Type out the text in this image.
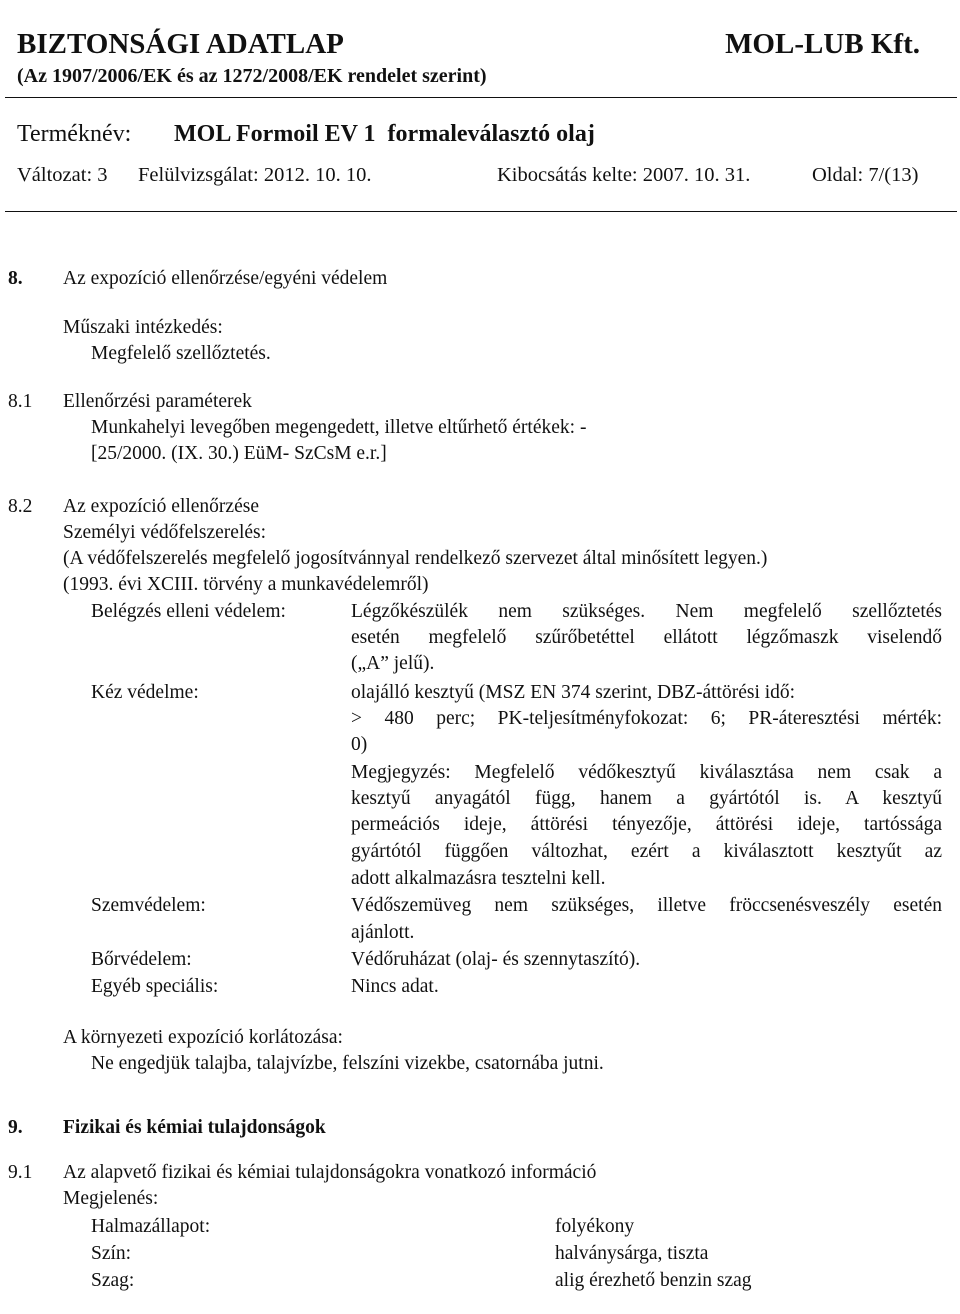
BIZTONSÁGI ADATLAP	MOL-LUB Kft.
(Az 1907/2006/EK és az 1272/2008/EK rendelet szerint)
Terméknév: MOL Formoil EV 1  formaleválasztó olaj
Változat: 3 Felülvizsgálat: 2012. 10. 10.	Kibocsátás kelte: 2007. 10. 31.	Oldal: 7/(13)
8. Az expozíció ellenőrzése/egyéni védelem
Műszaki intézkedés:
Megfelelő szellőztetés.
8.1 Ellenőrzési paraméterek
Munkahelyi levegőben megengedett, illetve eltűrhető értékek: -
[25/2000. (IX. 30.) EüM- SzCsM e.r.]
8.2 Az expozíció ellenőrzése
Személyi védőfelszerelés:
(A védőfelszerelés megfelelő jogosítvánnyal rendelkező szervezet által minősített legyen.)
(1993. évi XCIII. törvény a munkavédelemről)
Belégzés elleni védelem:	Légzőkészülék nem szükséges. Nem megfelelő szellőztetés
esetén megfelelő szűrőbetéttel ellátott légzőmaszk viselendő
(„A” jelű).
Kéz védelme:	olajálló kesztyű (MSZ EN 374 szerint, DBZ-áttörési idő:
> 480 perc; PK-teljesítményfokozat: 6; PR-áteresztési mérték:
0)
Megjegyzés: Megfelelő védőkesztyű kiválasztása nem csak a
kesztyű anyagától függ, hanem a gyártótól is. A kesztyű
permeációs ideje, áttörési tényezője, áttörési ideje, tartóssága
gyártótól függően változhat, ezért a kiválasztott kesztyűt az
adott alkalmazásra tesztelni kell.
Szemvédelem:	Védőszemüveg nem szükséges, illetve fröccsenésveszély esetén
ajánlott.
Bőrvédelem:	Védőruházat (olaj- és szennytaszító).
Egyéb speciális:	Nincs adat.
A környezeti expozíció korlátozása:
Ne engedjük talajba, talajvízbe, felszíni vizekbe, csatornába jutni.
9. Fizikai és kémiai tulajdonságok
9.1 Az alapvető fizikai és kémiai tulajdonságokra vonatkozó információ
Megjelenés:
Halmazállapot:	folyékony
Szín:	halványsárga, tiszta
Szag:	alig érezhető benzin szag
